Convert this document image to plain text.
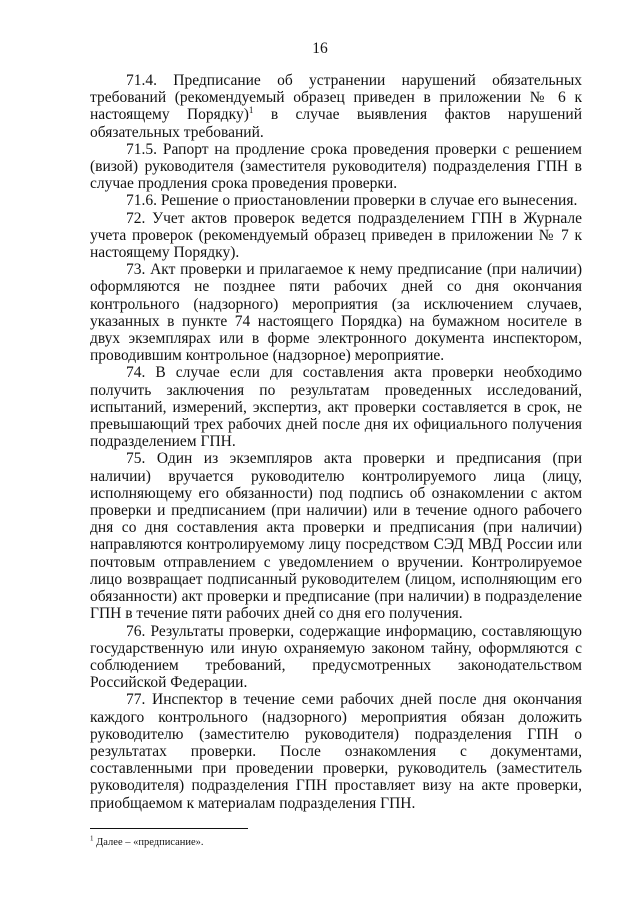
16

71.4. Предписание об устранении нарушений обязательных требований (рекомендуемый образец приведен в приложении № 6 к настоящему Порядку)$^1$ в случае выявления фактов нарушений обязательных требований.

71.5. Рапорт на продление срока проведения проверки с решением (визой) руководителя (заместителя руководителя) подразделения ГПН в случае продления срока проведения проверки.

71.6. Решение о приостановлении проверки в случае его вынесения.

72. Учет актов проверок ведется подразделением ГПН в Журнале учета проверок (рекомендуемый образец приведен в приложении № 7 к настоящему Порядку).

73. Акт проверки и прилагаемое к нему предписание (при наличии) оформляются не позднее пяти рабочих дней со дня окончания контрольного (надзорного) мероприятия (за исключением случаев, указанных в пункте 74 настоящего Порядка) на бумажном носителе в двух экземплярах или в форме электронного документа инспектором, проводившим контрольное (надзорное) мероприятие.

74. В случае если для составления акта проверки необходимо получить заключения по результатам проведенных исследований, испытаний, измерений, экспертиз, акт проверки составляется в срок, не превышающий трех рабочих дней после дня их официального получения подразделением ГПН.

75. Один из экземпляров акта проверки и предписания (при наличии) вручается руководителю контролируемого лица (лицу, исполняющему его обязанности) под подпись об ознакомлении с актом проверки и предписанием (при наличии) или в течение одного рабочего дня со дня составления акта проверки и предписания (при наличии) направляются контролируемому лицу посредством СЭД МВД России или почтовым отправлением с уведомлением о вручении. Контролируемое лицо возвращает подписанный руководителем (лицом, исполняющим его обязанности) акт проверки и предписание (при наличии) в подразделение ГПН в течение пяти рабочих дней со дня его получения.

76. Результаты проверки, содержащие информацию, составляющую государственную или иную охраняемую законом тайну, оформляются с соблюдением требований, предусмотренных законодательством Российской Федерации.

77. Инспектор в течение семи рабочих дней после дня окончания каждого контрольного (надзорного) мероприятия обязан доложить руководителю (заместителю руководителя) подразделения ГПН о результатах проверки. После ознакомления с документами, составленными при проведении проверки, руководитель (заместитель руководителя) подразделения ГПН проставляет визу на акте проверки, приобщаемом к материалам подразделения ГПН.

$^1$ Далее – «предписание».
